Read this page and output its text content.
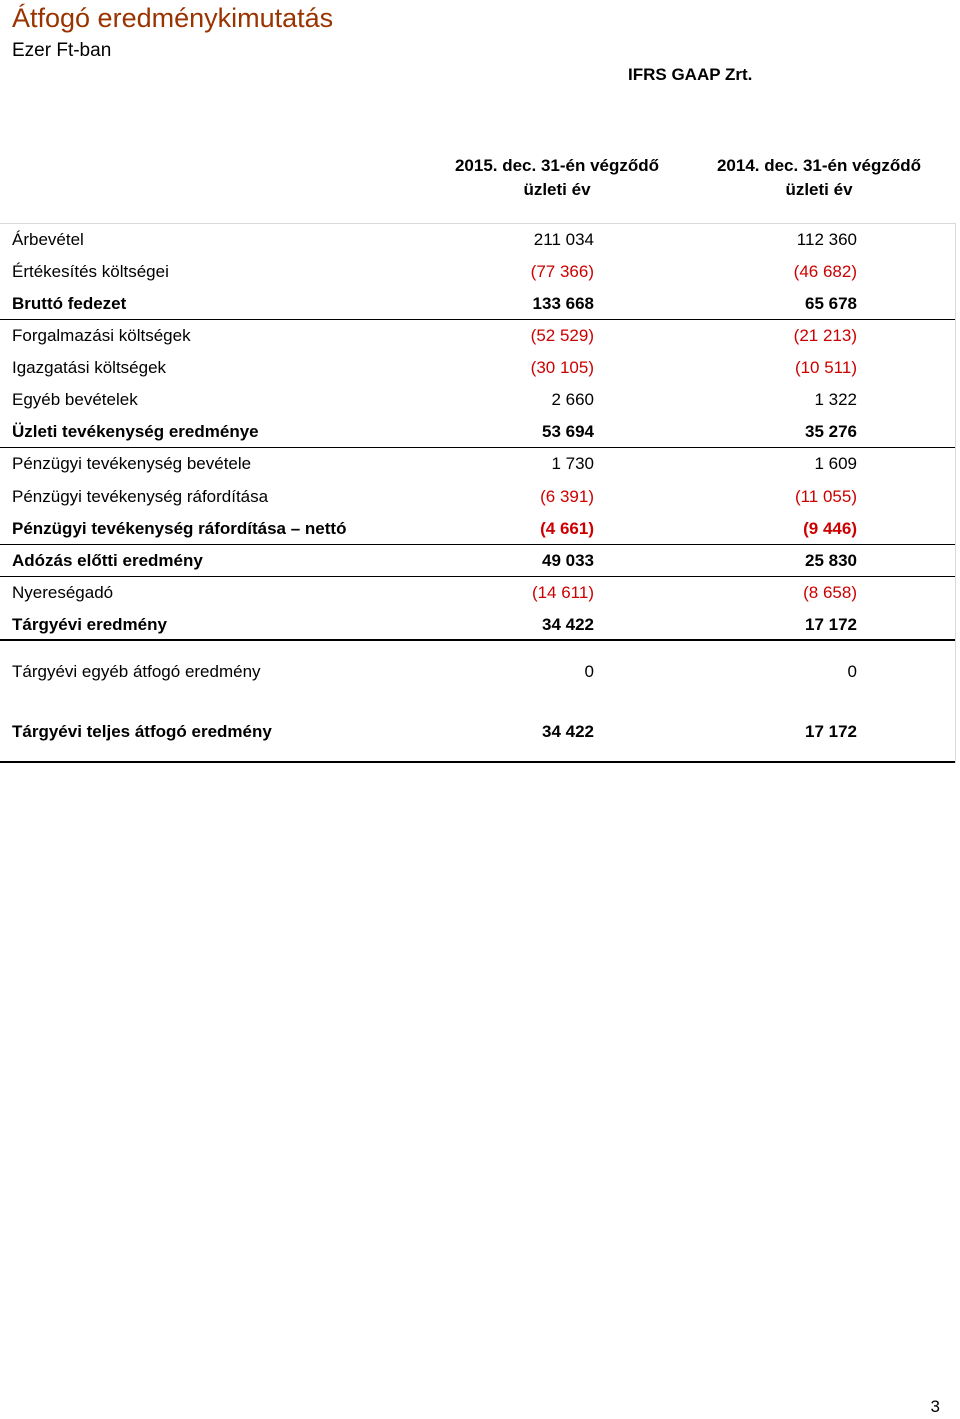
Átfogó eredménykimutatás
Ezer Ft-ban
IFRS GAAP Zrt.
2015. dec. 31-én végződő
üzleti év
2014. dec. 31-én végződő
üzleti év
Árbevétel	211 034	112 360
Értékesítés költségei	(77 366)	(46 682)
Bruttó fedezet	133 668	65 678
Forgalmazási költségek	(52 529)	(21 213)
Igazgatási költségek	(30 105)	(10 511)
Egyéb bevételek	2 660	1 322
Üzleti tevékenység eredménye	53 694	35 276
Pénzügyi tevékenység bevétele	1 730	1 609
Pénzügyi tevékenység ráfordítása	(6 391)	(11 055)
Pénzügyi tevékenység ráfordítása – nettó	(4 661)	(9 446)
Adózás előtti eredmény	49 033	25 830
Nyereségadó	(14 611)	(8 658)
Tárgyévi eredmény	34 422	17 172
Tárgyévi egyéb átfogó eredmény	0	0
Tárgyévi teljes átfogó eredmény	34 422	17 172
3
